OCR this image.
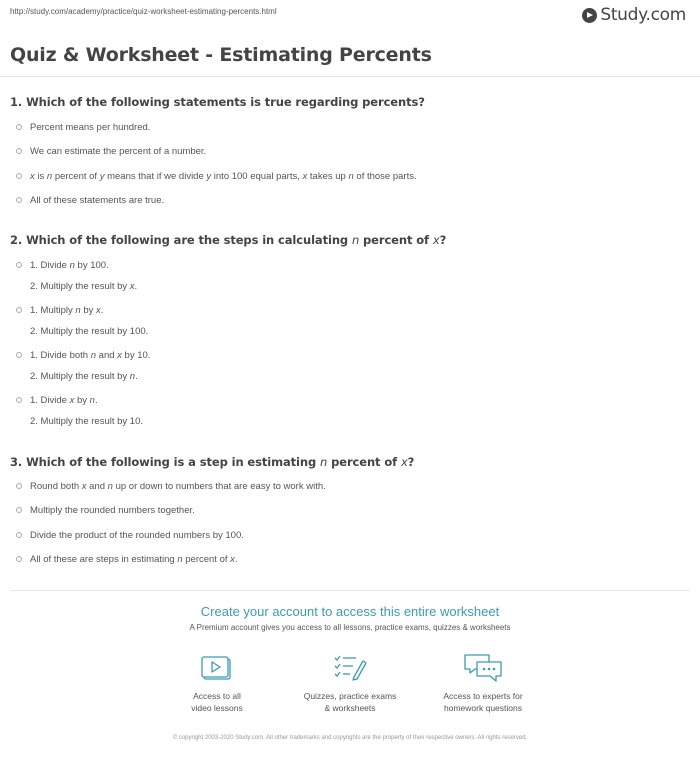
http://study.com/academy/practice/quiz-worksheet-estimating-percents.html	Study.com
Quiz & Worksheet - Estimating Percents
1. Which of the following statements is true regarding percents?
Percent means per hundred.
We can estimate the percent of a number.
x is n percent of y means that if we divide y into 100 equal parts, x takes up n of those parts.
All of these statements are true.
2. Which of the following are the steps in calculating n percent of x?
1. Divide n by 100.
2. Multiply the result by x.
1. Multiply n by x.
2. Multiply the result by 100.
1. Divide both n and x by 10.
2. Multiply the result by n.
1. Divide x by n.
2. Multiply the result by 10.
3. Which of the following is a step in estimating n percent of x?
Round both x and n up or down to numbers that are easy to work with.
Multiply the rounded numbers together.
Divide the product of the rounded numbers by 100.
All of these are steps in estimating n percent of x.
Create your account to access this entire worksheet
A Premium account gives you access to all lessons, practice exams, quizzes & worksheets
Access to all
video lessons
Quizzes, practice exams
& worksheets
Access to experts for
homework questions
© copyright 2003-2020 Study.com. All other trademarks and copyrights are the property of their respective owners. All rights reserved.
